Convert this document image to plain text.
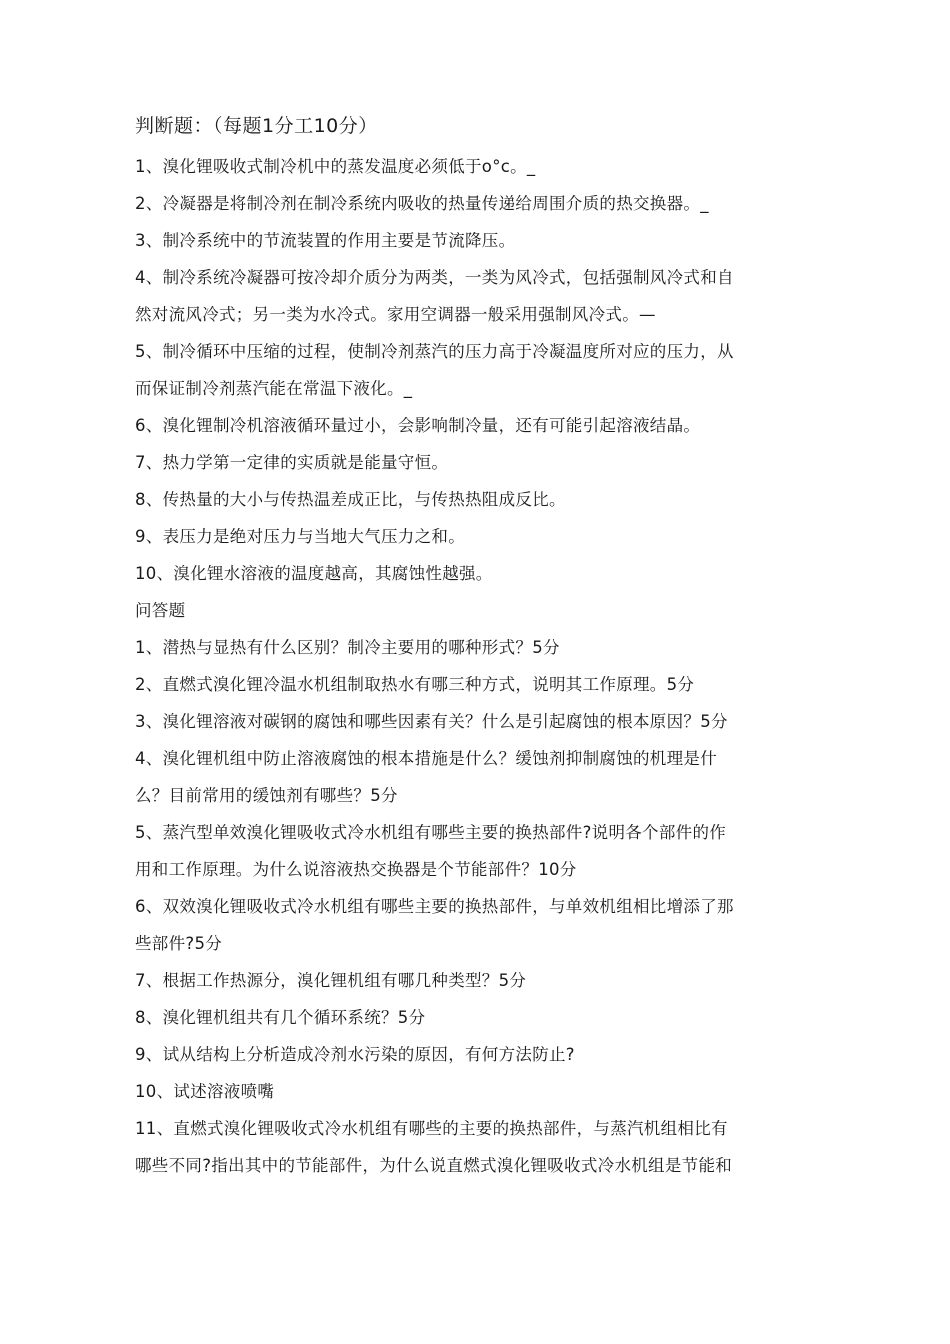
判断题：（每题1分工10分）
1、溴化锂吸收式制冷机中的蒸发温度必须低于o°c。_
2、冷凝器是将制冷剂在制冷系统内吸收的热量传递给周围介质的热交换器。_
3、制冷系统中的节流装置的作用主要是节流降压。
4、制冷系统冷凝器可按冷却介质分为两类，一类为风冷式，包括强制风冷式和自
然对流风冷式；另一类为水冷式。家用空调器一般采用强制风冷式。—
5、制冷循环中压缩的过程，使制冷剂蒸汽的压力高于冷凝温度所对应的压力，从
而保证制冷剂蒸汽能在常温下液化。_
6、溴化锂制冷机溶液循环量过小，会影响制冷量，还有可能引起溶液结晶。
7、热力学第一定律的实质就是能量守恒。
8、传热量的大小与传热温差成正比，与传热热阻成反比。
9、表压力是绝对压力与当地大气压力之和。
10、溴化锂水溶液的温度越高，其腐蚀性越强。
问答题
1、潜热与显热有什么区别？制冷主要用的哪种形式？5分
2、直燃式溴化锂冷温水机组制取热水有哪三种方式，说明其工作原理。5分
3、溴化锂溶液对碳钢的腐蚀和哪些因素有关？什么是引起腐蚀的根本原因？5分
4、溴化锂机组中防止溶液腐蚀的根本措施是什么？缓蚀剂抑制腐蚀的机理是什
么？目前常用的缓蚀剂有哪些？5分
5、蒸汽型单效溴化锂吸收式冷水机组有哪些主要的换热部件?说明各个部件的作
用和工作原理。为什么说溶液热交换器是个节能部件？10分
6、双效溴化锂吸收式冷水机组有哪些主要的换热部件，与单效机组相比增添了那
些部件?5分
7、根据工作热源分，溴化锂机组有哪几种类型？5分
8、溴化锂机组共有几个循环系统？5分
9、试从结构上分析造成冷剂水污染的原因，有何方法防止?
10、试述溶液喷嘴
11、直燃式溴化锂吸收式冷水机组有哪些的主要的换热部件，与蒸汽机组相比有
哪些不同?指出其中的节能部件，为什么说直燃式溴化锂吸收式冷水机组是节能和
